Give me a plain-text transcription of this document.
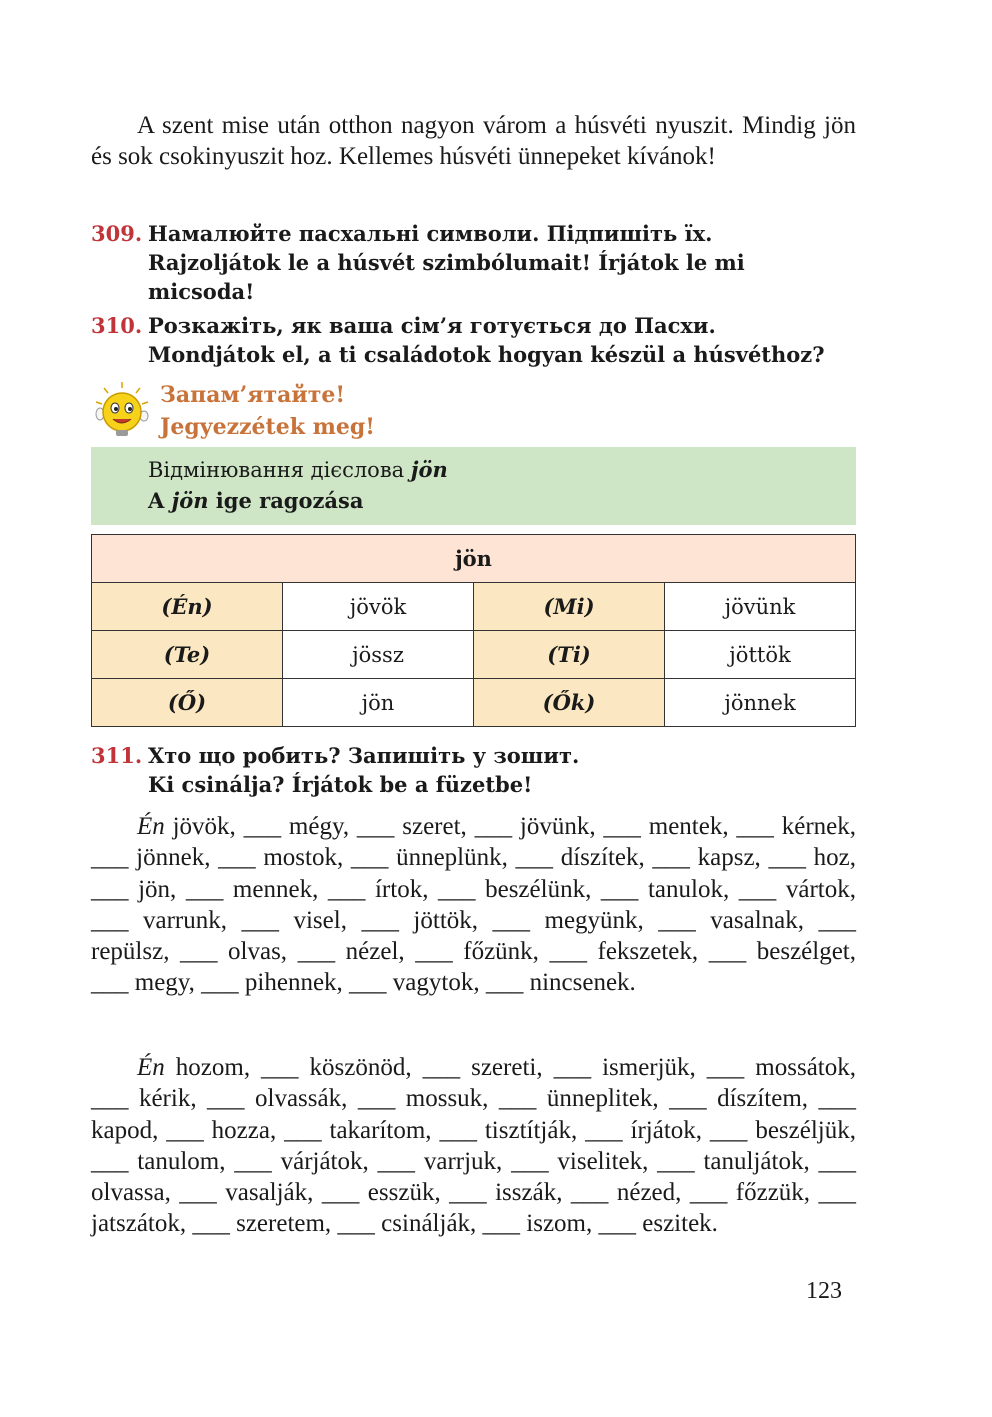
A szent mise után otthon nagyon várom a húsvéti nyuszit. Mindig jön és sok csokinyuszit hoz. Kellemes húsvéti ünnepeket kívánok!
309. Намалюйте пасхальні символи. Підпишіть їх.
Rajzoljátok le a húsvét szimbólumait! Írjátok le mi
micsoda!
310. Розкажіть, як ваша сім’я готується до Пасхи.
Mondjátok el, a ti családotok hogyan készül a húsvéthoz?
Запам’ятайте!
Jegyezzétek meg!
Відмінювання дієслова jön
A jön ige ragozása
jön			
(Én)	jövök	(Mi)	jövünk
(Te)	jössz	(Ti)	jöttök
(Ő)	jön	(Ők)	jönnek
311. Хто що робить? Запишіть у зошит.
Ki csinálja? Írjátok be a füzetbe!
Én jövök, ___ mégy, ___ szeret, ___ jövünk, ___ mentek, ___ kérnek, ___ jönnek, ___ mostok, ___ ünneplünk, ___ díszítek, ___ kapsz, ___ hoz, ___ jön, ___ mennek, ___ írtok, ___ beszélünk, ___ tanulok, ___ vártok, ___ varrunk, ___ visel, ___ jöttök, ___ megyünk, ___ vasalnak, ___ repülsz, ___ olvas, ___ nézel, ___ főzünk, ___ fekszetek, ___ beszélget, ___ megy, ___ pihennek, ___ vagytok, ___ nincsenek.
Én hozom, ___ köszönöd, ___ szereti, ___ ismerjük, ___ mossátok, ___ kérik, ___ olvassák, ___ mossuk, ___ ünneplitek, ___ díszítem, ___ kapod, ___ hozza, ___ takarítom, ___ tisztítják, ___ írjátok, ___ beszéljük, ___ tanulom, ___ várjátok, ___ varrjuk, ___ viselitek, ___ tanuljátok, ___ olvassa, ___ vasalják, ___ esszük, ___ isszák, ___ nézed, ___ főzzük, ___ jatszátok, ___ szeretem, ___ csinálják, ___ iszom, ___ eszitek.
123
